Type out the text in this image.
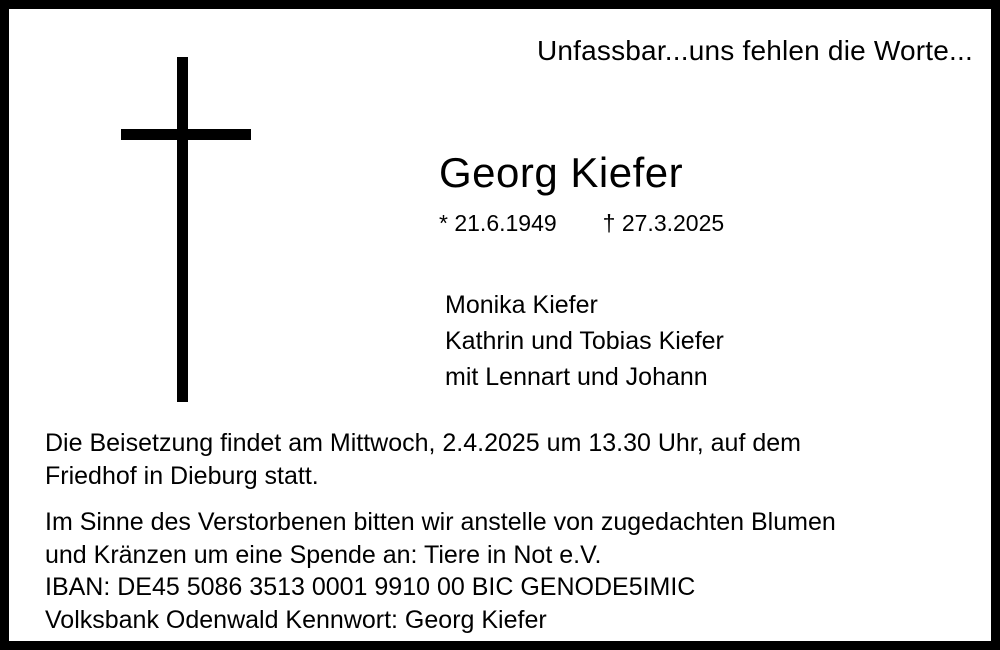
Unfassbar...uns fehlen die Worte...
Georg Kiefer
* 21.6.1949 † 27.3.2025
Monika Kiefer
Kathrin und Tobias Kiefer
mit Lennart und Johann

Die Beisetzung findet am Mittwoch, 2.4.2025 um 13.30 Uhr, auf dem
Friedhof in Dieburg statt.

Im Sinne des Verstorbenen bitten wir anstelle von zugedachten Blumen
und Kränzen um eine Spende an: Tiere in Not e.V.
IBAN: DE45 5086 3513 0001 9910 00 BIC GENODE5IMIC
Volksbank Odenwald Kennwort: Georg Kiefer
